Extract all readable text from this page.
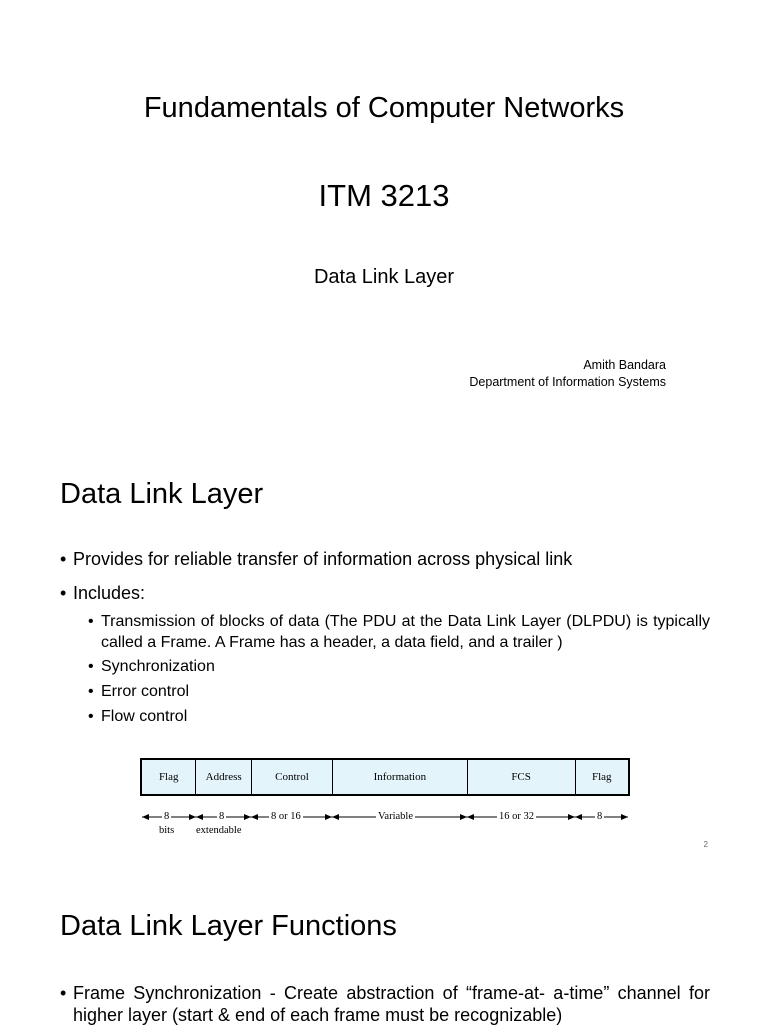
Fundamentals of Computer Networks
ITM 3213
Data Link Layer
Amith Bandara
Department of Information Systems
Data Link Layer
• Provides for reliable transfer of information across physical link
• Includes:
• Transmission of blocks of data (The PDU at the Data Link Layer (DLPDU) is typically called a Frame. A Frame has a header, a data field, and a trailer )
• Synchronization
• Error control
• Flow control
Flag	Address	Control	Information	FCS	Flag
8	8	8 or 16	Variable	16 or 32	8
bits extendable
2
Data Link Layer Functions
• Frame Synchronization - Create abstraction of “frame-at- a-time” channel for higher layer (start & end of each frame must be recognizable)
